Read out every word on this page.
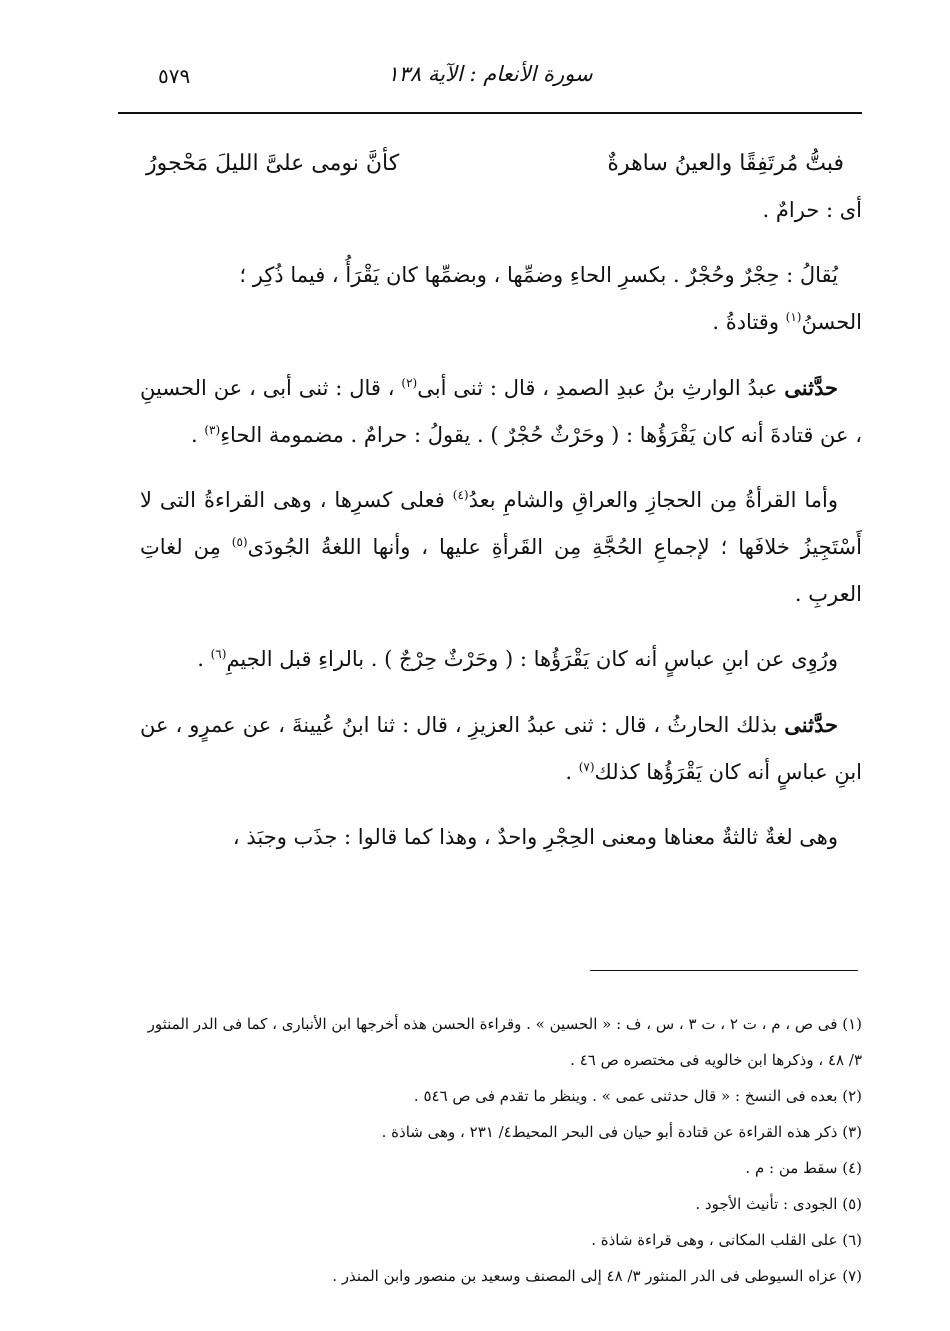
٥٧٩	سورة الأنعام : الآية ١٣٨
فبتُّ مُرتَفِقًا والعينُ ساهرةٌ
كأنَّ نومى علىَّ الليلَ مَحْجورُ

أى : حرامٌ .

يُقالُ : حِجْرٌ وحُجْرٌ . بكسرِ الحاءِ وضمِّها ، وبضمِّها كان يَقْرَأُ ، فيما ذُكِر ؛
الحسنُ$^{(١)}$ وقتادةُ .

حدَّثنى عبدُ الوارثِ بنُ عبدِ الصمدِ ، قال : ثنى أبى$^{(٢)}$ ، قال : ثنى أبى ، عن الحسينِ ، عن قتادةَ أنه كان يَقْرَؤُها : ( وحَرْثٌ حُجْرٌ ) . يقولُ : حرامٌ . مضمومة الحاءِ$^{(٣)}$ .

وأما القرأةُ مِن الحجازِ والعراقِ والشامِ بعدُ$^{(٤)}$ فعلى كسرِها ، وهى القراءةُ التى لا أَسْتَجِيزُ خلافَها ؛ لإجماعِ الحُجَّةِ مِن القَرأةِ عليها ، وأنها اللغةُ الجُودَى$^{(٥)}$ مِن لغاتِ العربِ .

ورُوِى عن ابنِ عباسٍ أنه كان يَقْرَؤُها : ( وحَرْثٌ حِرْجٌ ) . بالراءِ قبل الجيمِ$^{(٦)}$ .

حدَّثنى بذلك الحارثُ ، قال : ثنى عبدُ العزيزِ ، قال : ثنا ابنُ عُيينةَ ، عن عمرٍو ، عن ابنِ عباسٍ أنه كان يَقْرَؤُها كذلك$^{(٧)}$ .

وهى لغةٌ ثالثةٌ معناها ومعنى الحِجْرِ واحدٌ ، وهذا كما قالوا : جذَب وجبَذ ،

(١) فى ص ، م ، ت ٢ ، ت ٣ ، س ، ف : « الحسين » . وقراءة الحسن هذه أخرجها ابن الأنبارى ، كما فى الدر المنثور ٣/ ٤٨ ، وذكرها ابن خالويه فى مختصره ص ٤٦ .

(٢) بعده فى النسخ : « قال حدثنى عمى » . وينظر ما تقدم فى ص ٥٤٦ .

(٣) ذكر هذه القراءة عن قتادة أبو حيان فى البحر المحيط٤/ ٢٣١ ، وهى شاذة .

(٤) سقط من : م .

(٥) الجودى : تأنيث الأجود .

(٦) على القلب المكانى ، وهى قراءة شاذة .

(٧) عزاه السيوطى فى الدر المنثور ٣/ ٤٨ إلى المصنف وسعيد بن منصور وابن المنذر .
